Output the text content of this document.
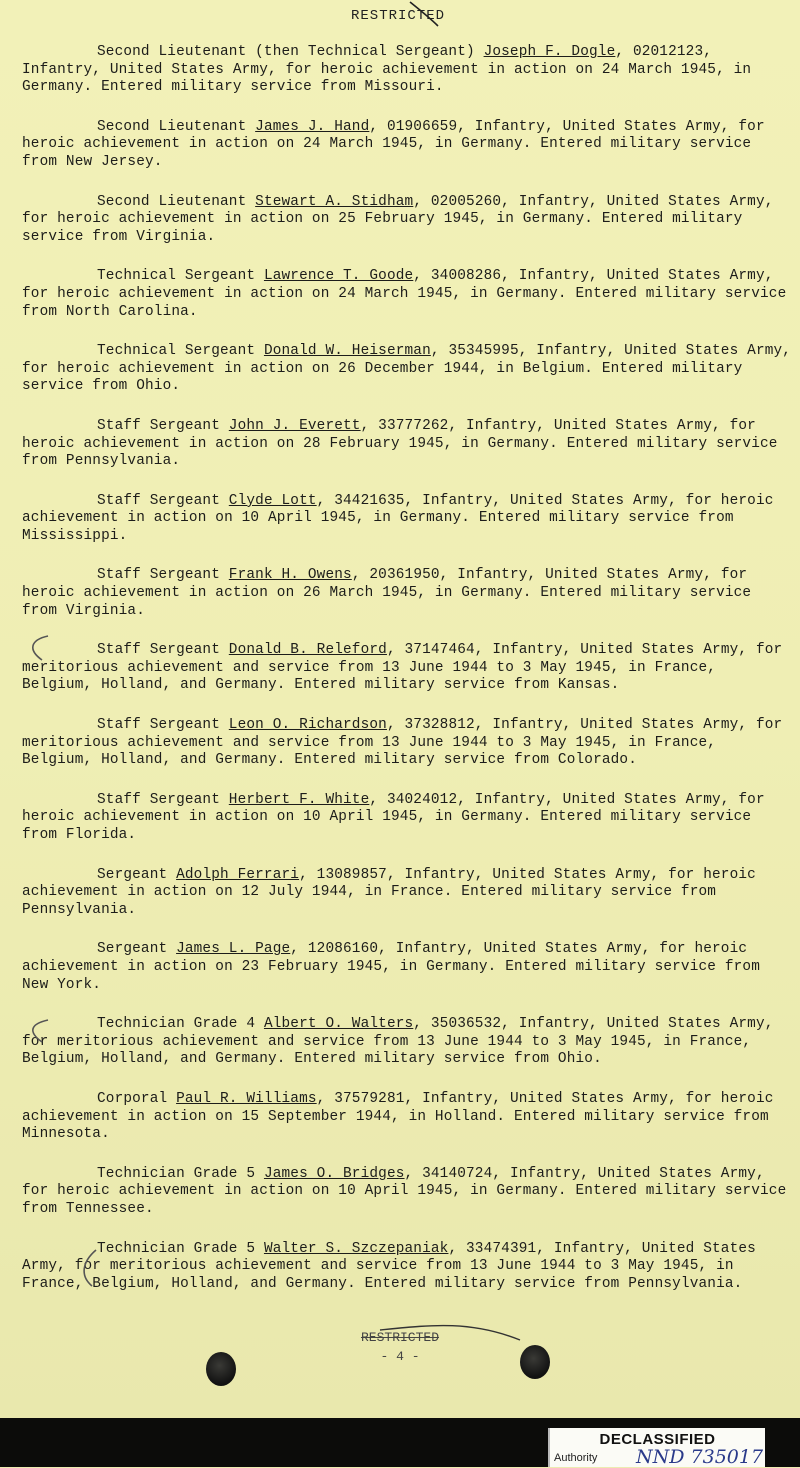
RESTRICTED

Second Lieutenant (then Technical Sergeant) Joseph F. Dogle, 02012123, Infantry, United States Army, for heroic achievement in action on 24 March 1945, in Germany. Entered military service from Missouri.

Second Lieutenant James J. Hand, 01906659, Infantry, United States Army, for heroic achievement in action on 24 March 1945, in Germany. Entered military service from New Jersey.

Second Lieutenant Stewart A. Stidham, 02005260, Infantry, United States Army, for heroic achievement in action on 25 February 1945, in Germany. Entered military service from Virginia.

Technical Sergeant Lawrence T. Goode, 34008286, Infantry, United States Army, for heroic achievement in action on 24 March 1945, in Germany. Entered military service from North Carolina.

Technical Sergeant Donald W. Heiserman, 35345995, Infantry, United States Army, for heroic achievement in action on 26 December 1944, in Belgium. Entered military service from Ohio.

Staff Sergeant John J. Everett, 33777262, Infantry, United States Army, for heroic achievement in action on 28 February 1945, in Germany. Entered military service from Pennsylvania.

Staff Sergeant Clyde Lott, 34421635, Infantry, United States Army, for heroic achievement in action on 10 April 1945, in Germany. Entered military service from Mississippi.

Staff Sergeant Frank H. Owens, 20361950, Infantry, United States Army, for heroic achievement in action on 26 March 1945, in Germany. Entered military service from Virginia.

Staff Sergeant Donald B. Releford, 37147464, Infantry, United States Army, for meritorious achievement and service from 13 June 1944 to 3 May 1945, in France, Belgium, Holland, and Germany. Entered military service from Kansas.

Staff Sergeant Leon O. Richardson, 37328812, Infantry, United States Army, for meritorious achievement and service from 13 June 1944 to 3 May 1945, in France, Belgium, Holland, and Germany. Entered military service from Colorado.

Staff Sergeant Herbert F. White, 34024012, Infantry, United States Army, for heroic achievement in action on 10 April 1945, in Germany. Entered military service from Florida.

Sergeant Adolph Ferrari, 13089857, Infantry, United States Army, for heroic achievement in action on 12 July 1944, in France. Entered military service from Pennsylvania.

Sergeant James L. Page, 12086160, Infantry, United States Army, for heroic achievement in action on 23 February 1945, in Germany. Entered military service from New York.

Technician Grade 4 Albert O. Walters, 35036532, Infantry, United States Army, for meritorious achievement and service from 13 June 1944 to 3 May 1945, in France, Belgium, Holland, and Germany. Entered military service from Ohio.

Corporal Paul R. Williams, 37579281, Infantry, United States Army, for heroic achievement in action on 15 September 1944, in Holland. Entered military service from Minnesota.

Technician Grade 5 James O. Bridges, 34140724, Infantry, United States Army, for heroic achievement in action on 10 April 1945, in Germany. Entered military service from Tennessee.

Technician Grade 5 Walter S. Szczepaniak, 33474391, Infantry, United States Army, for meritorious achievement and service from 13 June 1944 to 3 May 1945, in France, Belgium, Holland, and Germany. Entered military service from Pennsylvania.

RESTRICTED
- 4 -
DECLASSIFIED
Authority NND 735017
